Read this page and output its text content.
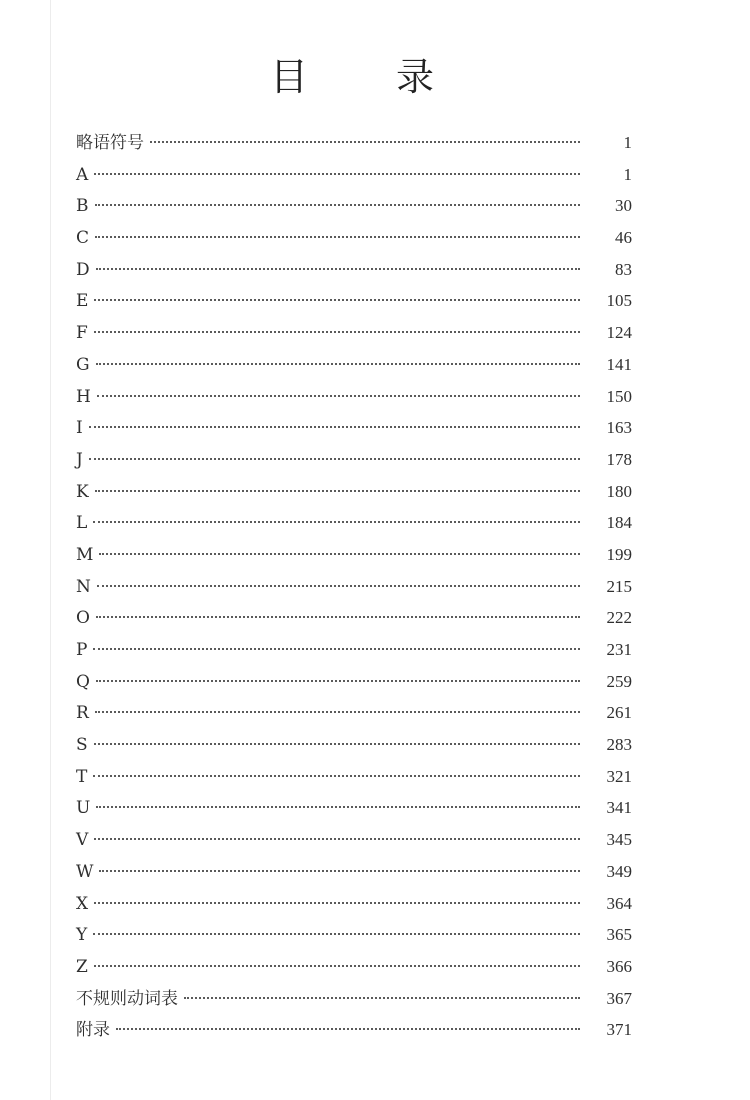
目 录
略语符号	1
A	1
B	30
C	46
D	83
E	105
F	124
G	141
H	150
I	163
J	178
K	180
L	184
M	199
N	215
O	222
P	231
Q	259
R	261
S	283
T	321
U	341
V	345
W	349
X	364
Y	365
Z	366
不规则动词表	367
附录	371
